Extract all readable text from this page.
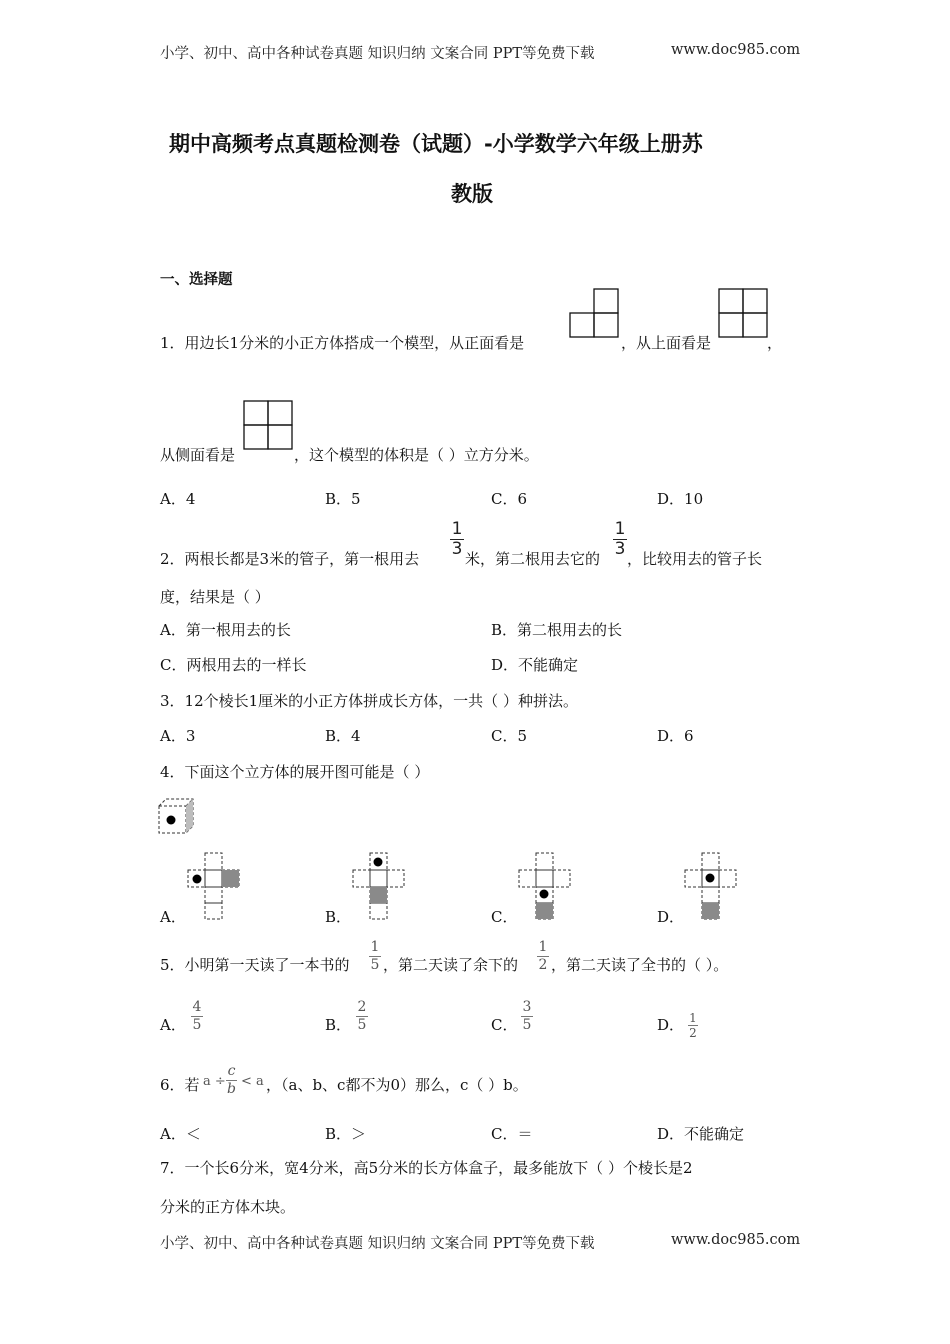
小学、初中、高中各种试卷真题 知识归纳 文案合同 PPT等免费下载	www.doc985.com
期中高频考点真题检测卷（试题）-小学数学六年级上册苏
教版
一、选择题
1．用边长1分米的小正方体搭成一个模型，从正面看是	，从上面看是	，
从侧面看是	，这个模型的体积是（ ）立方分米。
A．4	B．5	C．6	D．10
2．两根长都是3米的管子，第一根用去
1
3 米，第二根用去它的
1
3 ，比较用去的管子长
度，结果是（ ）
A．第一根用去的长	B．第二根用去的长
C．两根用去的一样长	D．不能确定
3．12个棱长1厘米的小正方体拼成长方体，一共（ ）种拼法。
A．3	B．4	C．5	D．6
4．下面这个立方体的展开图可能是（ ）
A．	B．	C．	D．
5．小明第一天读了一本书的
1
5 ，第二天读了余下的
1
2 ，第二天读了全书的（ ）。
A．
4
5	B．
2
5	C．
3
5	D． 1
2
6．若 a ÷
c
b < a ，（a、b、c都不为0）那么，c（ ）b。
A．＜	B．＞	C．＝	D．不能确定
7．一个长6分米，宽4分米，高5分米的长方体盒子，最多能放下（ ）个棱长是2
分米的正方体木块。
小学、初中、高中各种试卷真题 知识归纳 文案合同 PPT等免费下载	www.doc985.com
